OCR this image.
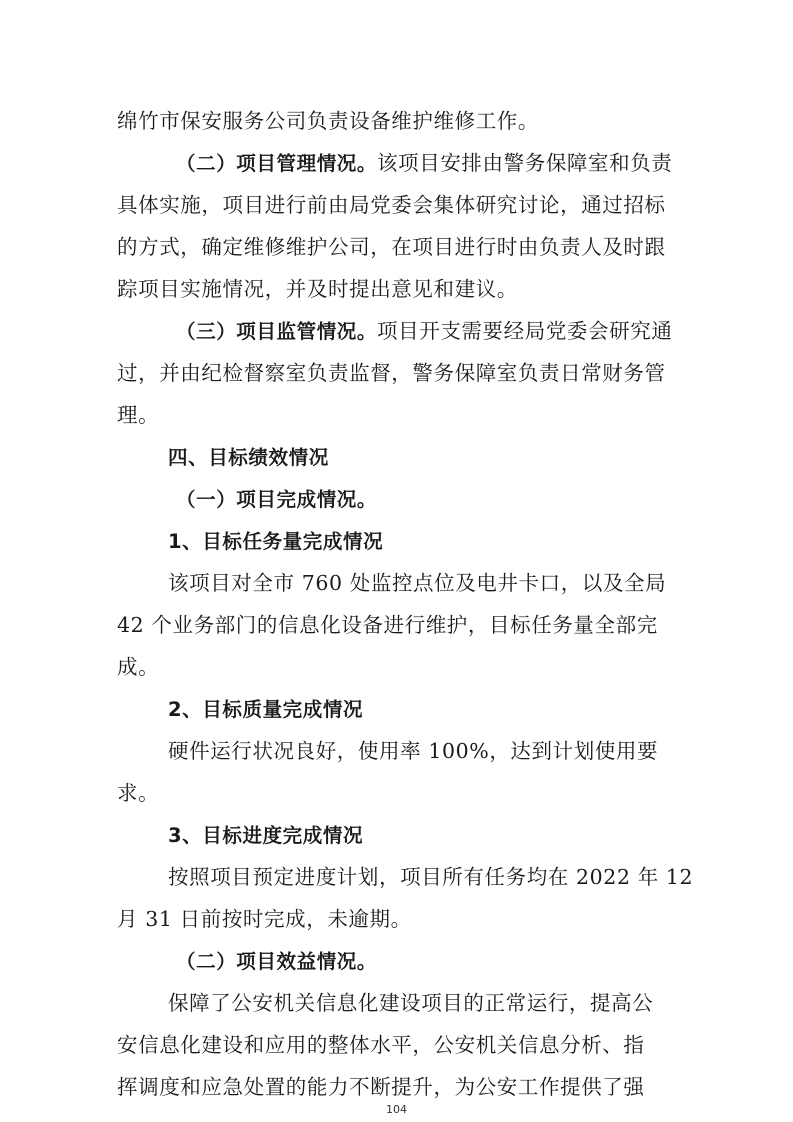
绵竹市保安服务公司负责设备维护维修工作。
（二）项目管理情况。该项目安排由警务保障室和负责
具体实施，项目进行前由局党委会集体研究讨论，通过招标
的方式，确定维修维护公司，在项目进行时由负责人及时跟
踪项目实施情况，并及时提出意见和建议。
（三）项目监管情况。项目开支需要经局党委会研究通
过，并由纪检督察室负责监督，警务保障室负责日常财务管
理。
四、目标绩效情况
（一）项目完成情况。
1、目标任务量完成情况
该项目对全市 760 处监控点位及电井卡口，以及全局
42 个业务部门的信息化设备进行维护，目标任务量全部完
成。
2、目标质量完成情况
硬件运行状况良好，使用率 100%，达到计划使用要
求。
3、目标进度完成情况
按照项目预定进度计划，项目所有任务均在 2022 年 12
月 31 日前按时完成，未逾期。
（二）项目效益情况。
保障了公安机关信息化建设项目的正常运行，提高公
安信息化建设和应用的整体水平，公安机关信息分析、指
挥调度和应急处置的能力不断提升，为公安工作提供了强
104
